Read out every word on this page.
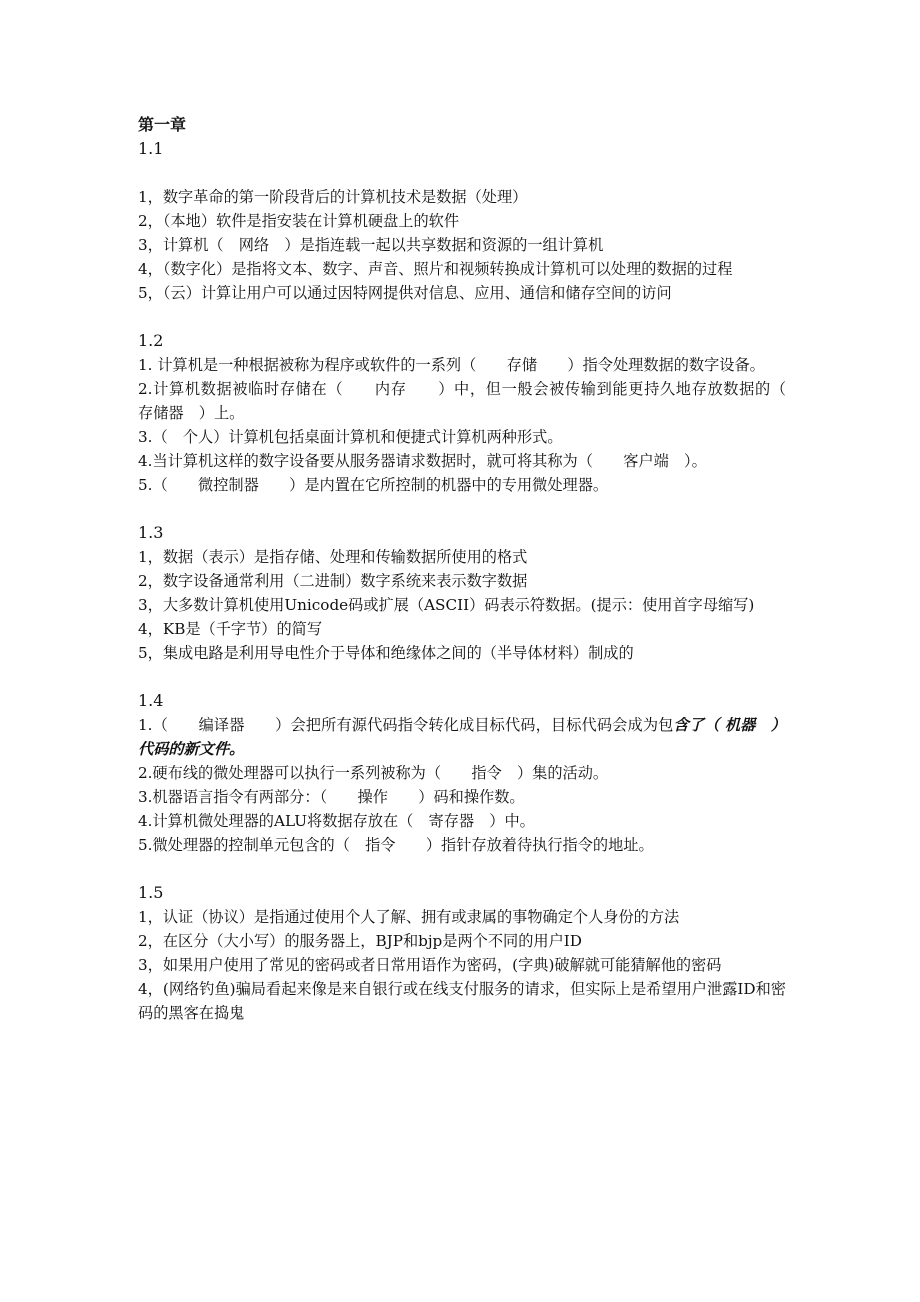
第一章

1.1

1，数字革命的第一阶段背后的计算机技术是数据（处理）

2，（本地）软件是指安装在计算机硬盘上的软件

3，计算机（　网络　）是指连载一起以共享数据和资源的一组计算机

4，（数字化）是指将文本、数字、声音、照片和视频转换成计算机可以处理的数据的过程

5，（云）计算让用户可以通过因特网提供对信息、应用、通信和储存空间的访问

1.2

1. 计算机是一种根据被称为程序或软件的一系列（　　存储　　）指令处理数据的数字设备。

2.计算机数据被临时存储在（　　内存　　）中，但一般会被传输到能更持久地存放数据的（　存储器　）上。

3.（　个人）计算机包括桌面计算机和便捷式计算机两种形式。

4.当计算机这样的数字设备要从服务器请求数据时，就可将其称为（　　客户端　）。

5.（　　微控制器　　）是内置在它所控制的机器中的专用微处理器。

1.3

1，数据（表示）是指存储、处理和传输数据所使用的格式

2，数字设备通常利用（二进制）数字系统来表示数字数据

3，大多数计算机使用Unicode码或扩展（ASCII）码表示符数据。(提示：使用首字母缩写)

4，KB是（千字节）的简写

5，集成电路是利用导电性介于导体和绝缘体之间的（半导体材料）制成的

1.4

1.（　　编译器　　）会把所有源代码指令转化成目标代码，目标代码会成为包含了（ 机器　）代码的新文件。

2.硬布线的微处理器可以执行一系列被称为（　　指令　）集的活动。

3.机器语言指令有两部分：（　　操作　　）码和操作数。

4.计算机微处理器的ALU将数据存放在（　寄存器　）中。

5.微处理器的控制单元包含的（　指令　　）指针存放着待执行指令的地址。

1.5

1，认证（协议）是指通过使用个人了解、拥有或隶属的事物确定个人身份的方法

2，在区分（大小写）的服务器上，BJP和bjp是两个不同的用户ID

3，如果用户使用了常见的密码或者日常用语作为密码，(字典)破解就可能猜解他的密码

4，(网络钓鱼)骗局看起来像是来自银行或在线支付服务的请求，但实际上是希望用户泄露ID和密码的黑客在捣鬼
